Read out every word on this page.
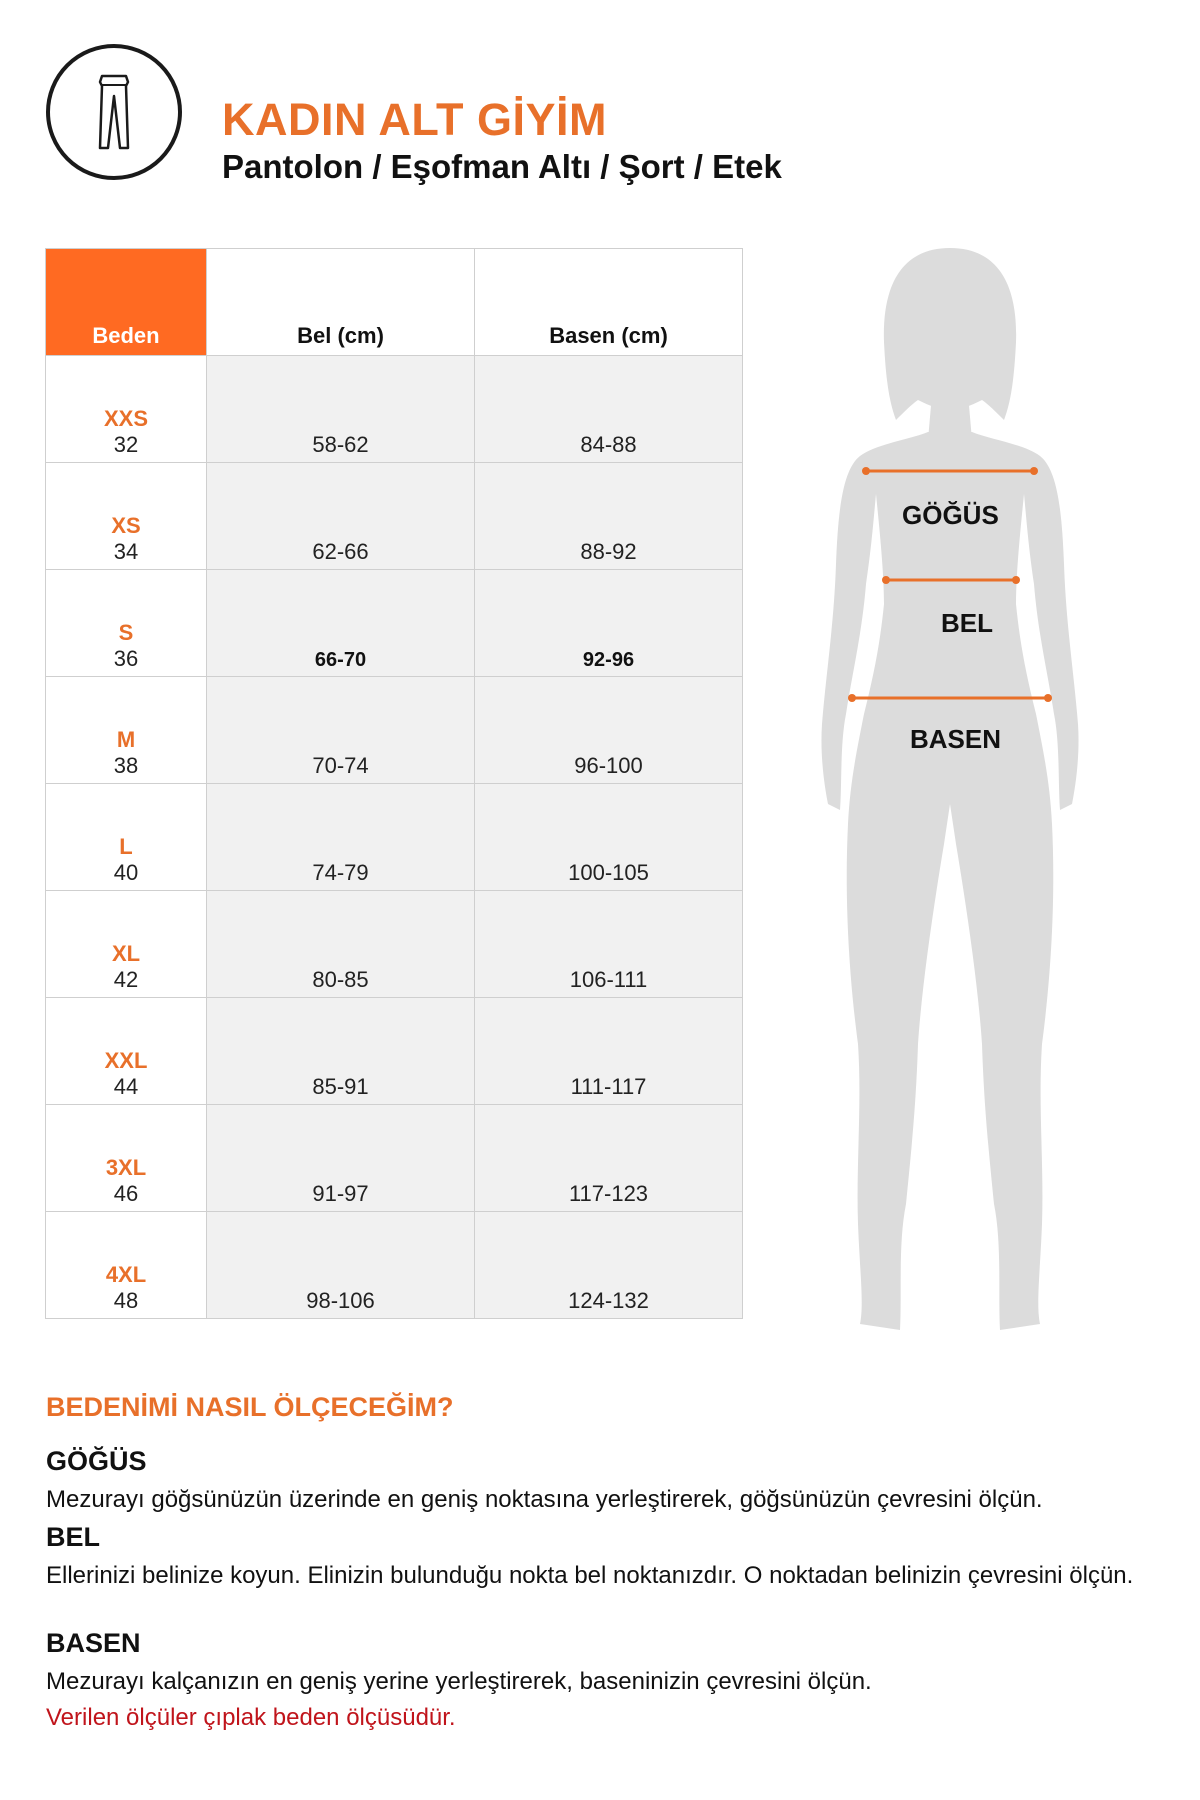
KADIN ALT GİYİM
Pantolon / Eşofman Altı / Şort / Etek
Beden	Bel (cm)	Basen (cm)

XXS
32	58-62	84-88

XS
34	62-66	88-92

S
36	66-70	92-96

M
38	70-74	96-100

L
40	74-79	100-105

XL
42	80-85	106-111

XXL
44	85-91	111-117

3XL
46	91-97	117-123

4XL
48	98-106	124-132
GÖĞÜS
BEL
BASEN
BEDENİMİ NASIL ÖLÇECEĞİM?
GÖĞÜS
Mezurayı göğsünüzün üzerinde en geniş noktasına yerleştirerek, göğsünüzün çevresini ölçün.
BEL
Ellerinizi belinize koyun. Elinizin bulunduğu nokta bel noktanızdır. O noktadan belinizin çevresini ölçün.
BASEN
Mezurayı kalçanızın en geniş yerine yerleştirerek, baseninizin çevresini ölçün.
Verilen ölçüler çıplak beden ölçüsüdür.
